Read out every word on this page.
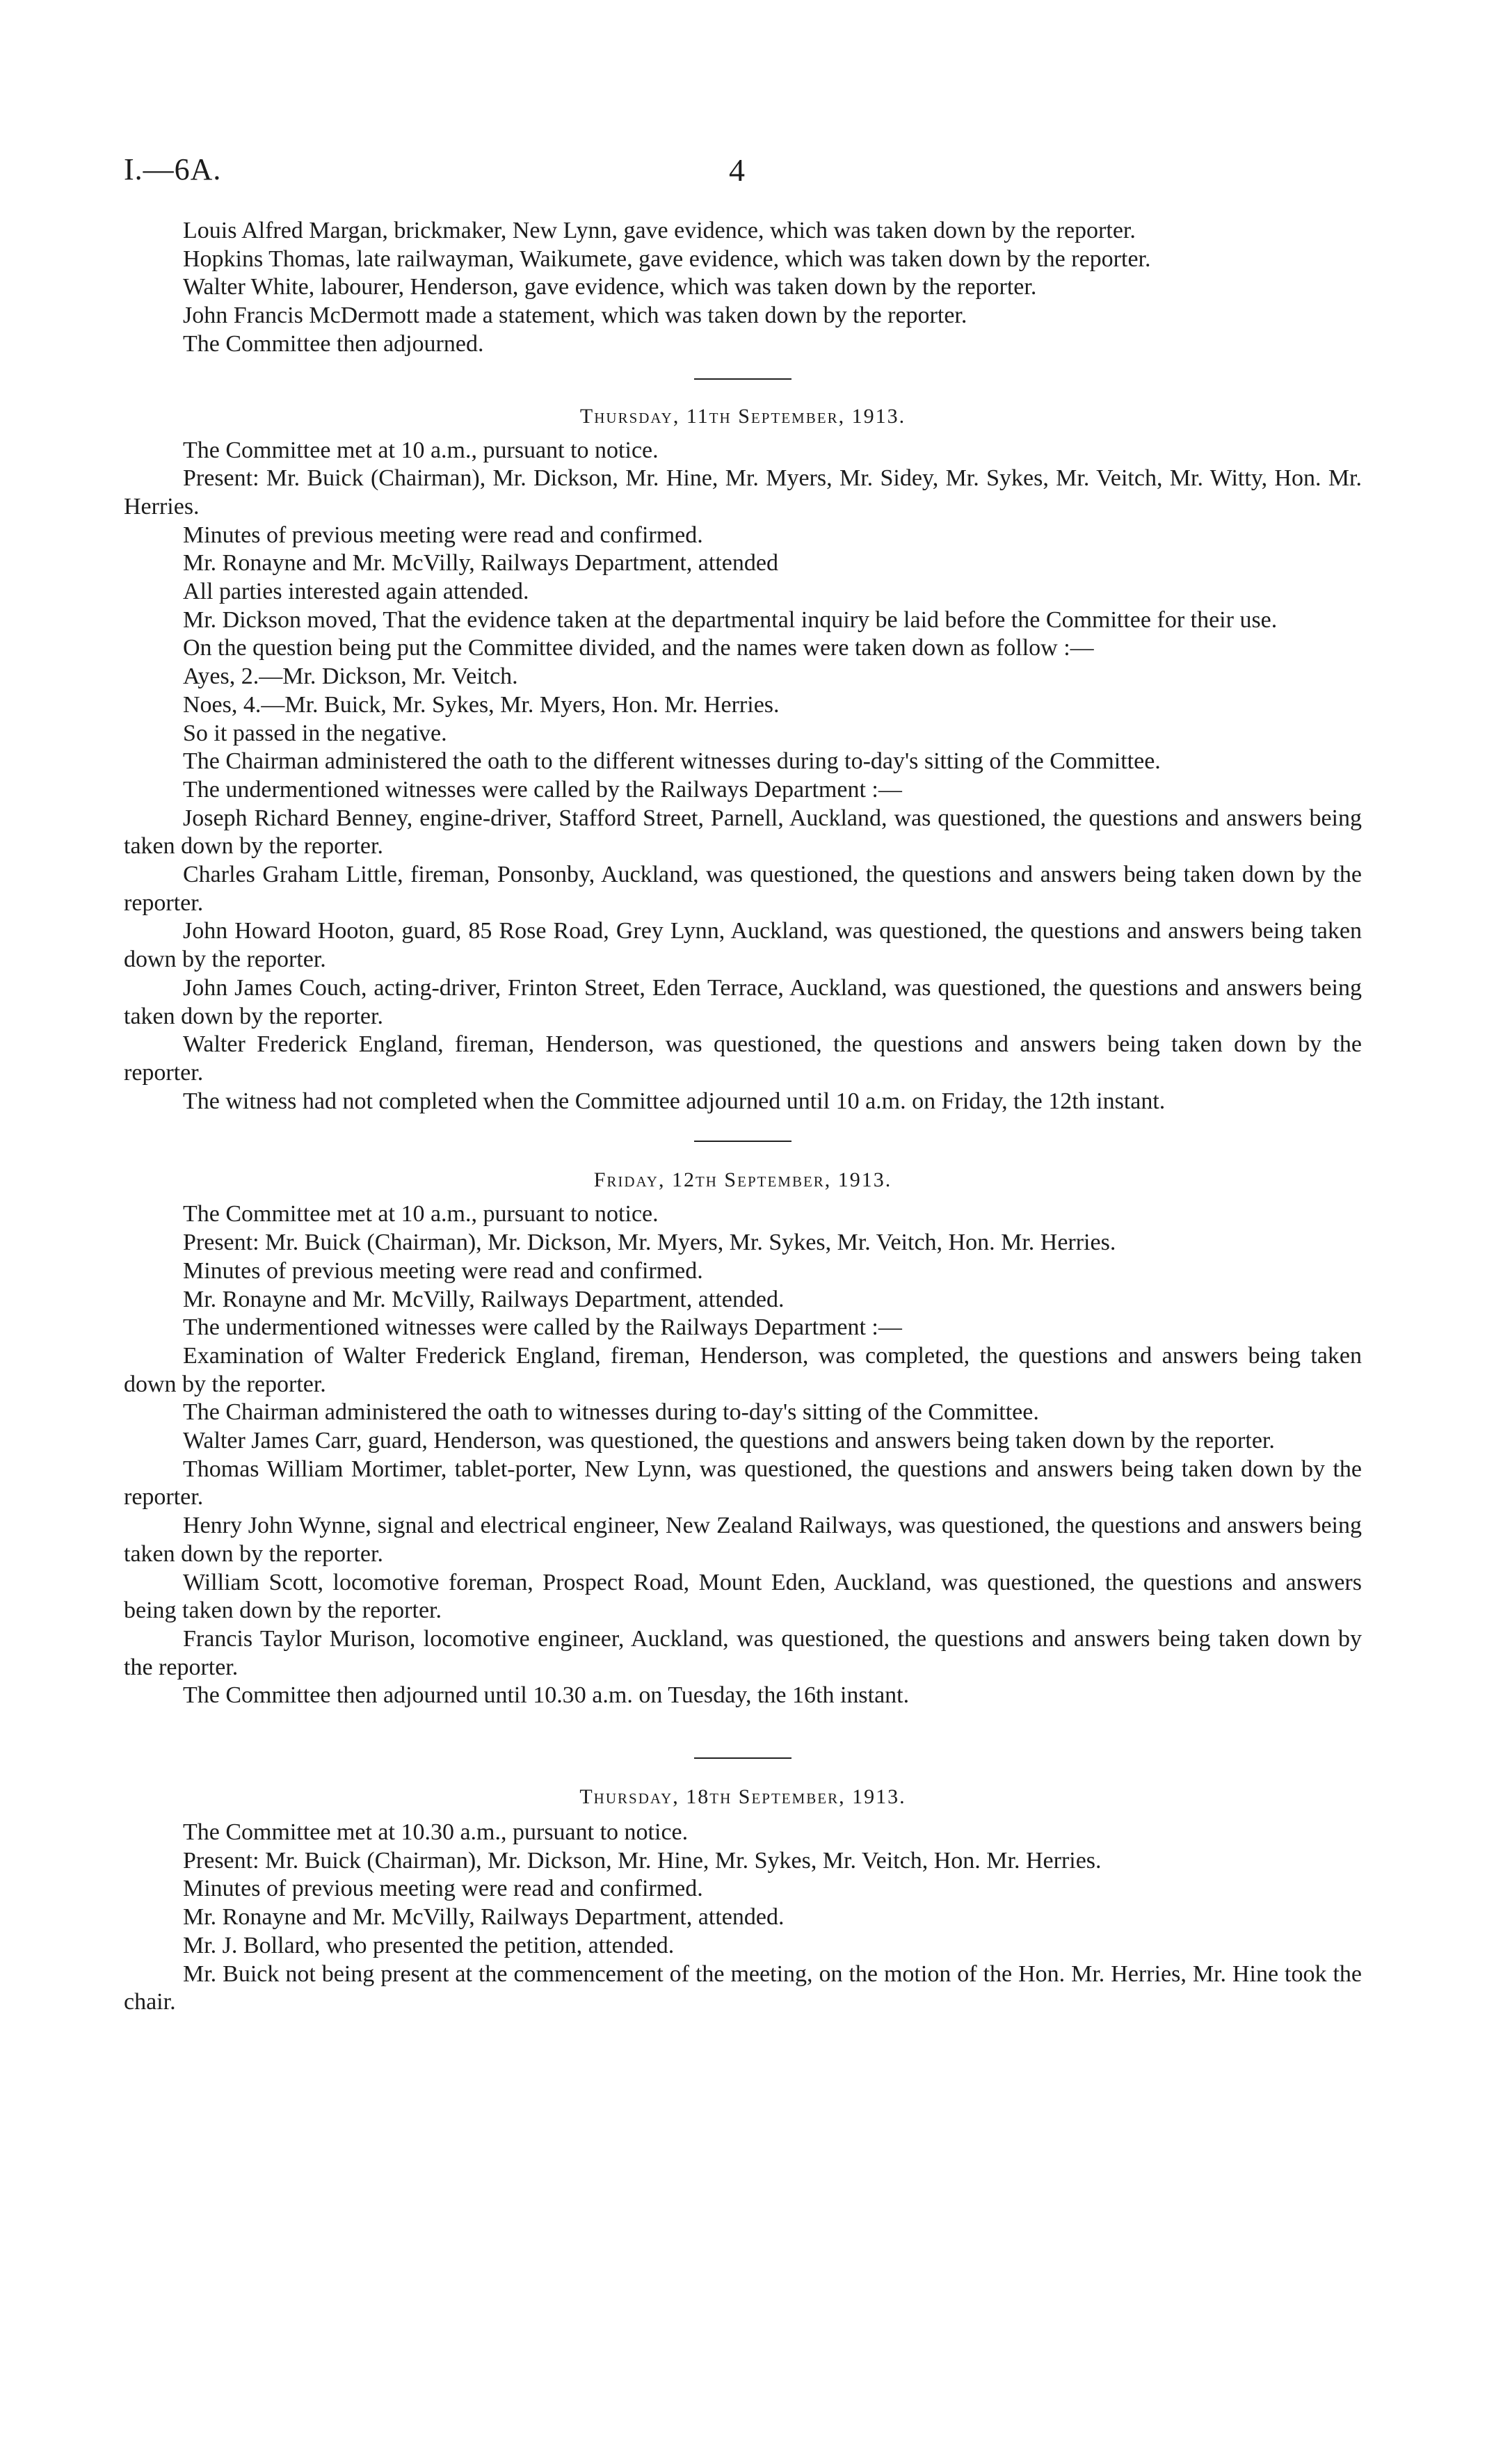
I.—6A.	4

Louis Alfred Margan, brickmaker, New Lynn, gave evidence, which was taken down by the reporter.

Hopkins Thomas, late railwayman, Waikumete, gave evidence, which was taken down by the reporter.

Walter White, labourer, Henderson, gave evidence, which was taken down by the reporter.

John Francis McDermott made a statement, which was taken down by the reporter.

The Committee then adjourned.

Thursday, 11th September, 1913.

The Committee met at 10 a.m., pursuant to notice.

Present: Mr. Buick (Chairman), Mr. Dickson, Mr. Hine, Mr. Myers, Mr. Sidey, Mr. Sykes, Mr. Veitch, Mr. Witty, Hon. Mr. Herries.

Minutes of previous meeting were read and confirmed.

Mr. Ronayne and Mr. McVilly, Railways Department, attended

All parties interested again attended.

Mr. Dickson moved, That the evidence taken at the departmental inquiry be laid before the Committee for their use.

On the question being put the Committee divided, and the names were taken down as follow :—

Ayes, 2.—Mr. Dickson, Mr. Veitch.

Noes, 4.—Mr. Buick, Mr. Sykes, Mr. Myers, Hon. Mr. Herries.

So it passed in the negative.

The Chairman administered the oath to the different witnesses during to-day's sitting of the Committee.

The undermentioned witnesses were called by the Railways Department :—

Joseph Richard Benney, engine-driver, Stafford Street, Parnell, Auckland, was questioned, the questions and answers being taken down by the reporter.

Charles Graham Little, fireman, Ponsonby, Auckland, was questioned, the questions and answers being taken down by the reporter.

John Howard Hooton, guard, 85 Rose Road, Grey Lynn, Auckland, was questioned, the questions and answers being taken down by the reporter.

John James Couch, acting-driver, Frinton Street, Eden Terrace, Auckland, was questioned, the questions and answers being taken down by the reporter.

Walter Frederick England, fireman, Henderson, was questioned, the questions and answers being taken down by the reporter.

The witness had not completed when the Committee adjourned until 10 a.m. on Friday, the 12th instant.

Friday, 12th September, 1913.

The Committee met at 10 a.m., pursuant to notice.

Present: Mr. Buick (Chairman), Mr. Dickson, Mr. Myers, Mr. Sykes, Mr. Veitch, Hon. Mr. Herries.

Minutes of previous meeting were read and confirmed.

Mr. Ronayne and Mr. McVilly, Railways Department, attended.

The undermentioned witnesses were called by the Railways Department :—

Examination of Walter Frederick England, fireman, Henderson, was completed, the questions and answers being taken down by the reporter.

The Chairman administered the oath to witnesses during to-day's sitting of the Committee.

Walter James Carr, guard, Henderson, was questioned, the questions and answers being taken down by the reporter.

Thomas William Mortimer, tablet-porter, New Lynn, was questioned, the questions and answers being taken down by the reporter.

Henry John Wynne, signal and electrical engineer, New Zealand Railways, was questioned, the questions and answers being taken down by the reporter.

William Scott, locomotive foreman, Prospect Road, Mount Eden, Auckland, was questioned, the questions and answers being taken down by the reporter.

Francis Taylor Murison, locomotive engineer, Auckland, was questioned, the questions and answers being taken down by the reporter.

The Committee then adjourned until 10.30 a.m. on Tuesday, the 16th instant.

Thursday, 18th September, 1913.

The Committee met at 10.30 a.m., pursuant to notice.

Present: Mr. Buick (Chairman), Mr. Dickson, Mr. Hine, Mr. Sykes, Mr. Veitch, Hon. Mr. Herries.

Minutes of previous meeting were read and confirmed.

Mr. Ronayne and Mr. McVilly, Railways Department, attended.

Mr. J. Bollard, who presented the petition, attended.

Mr. Buick not being present at the commencement of the meeting, on the motion of the Hon. Mr. Herries, Mr. Hine took the chair.
